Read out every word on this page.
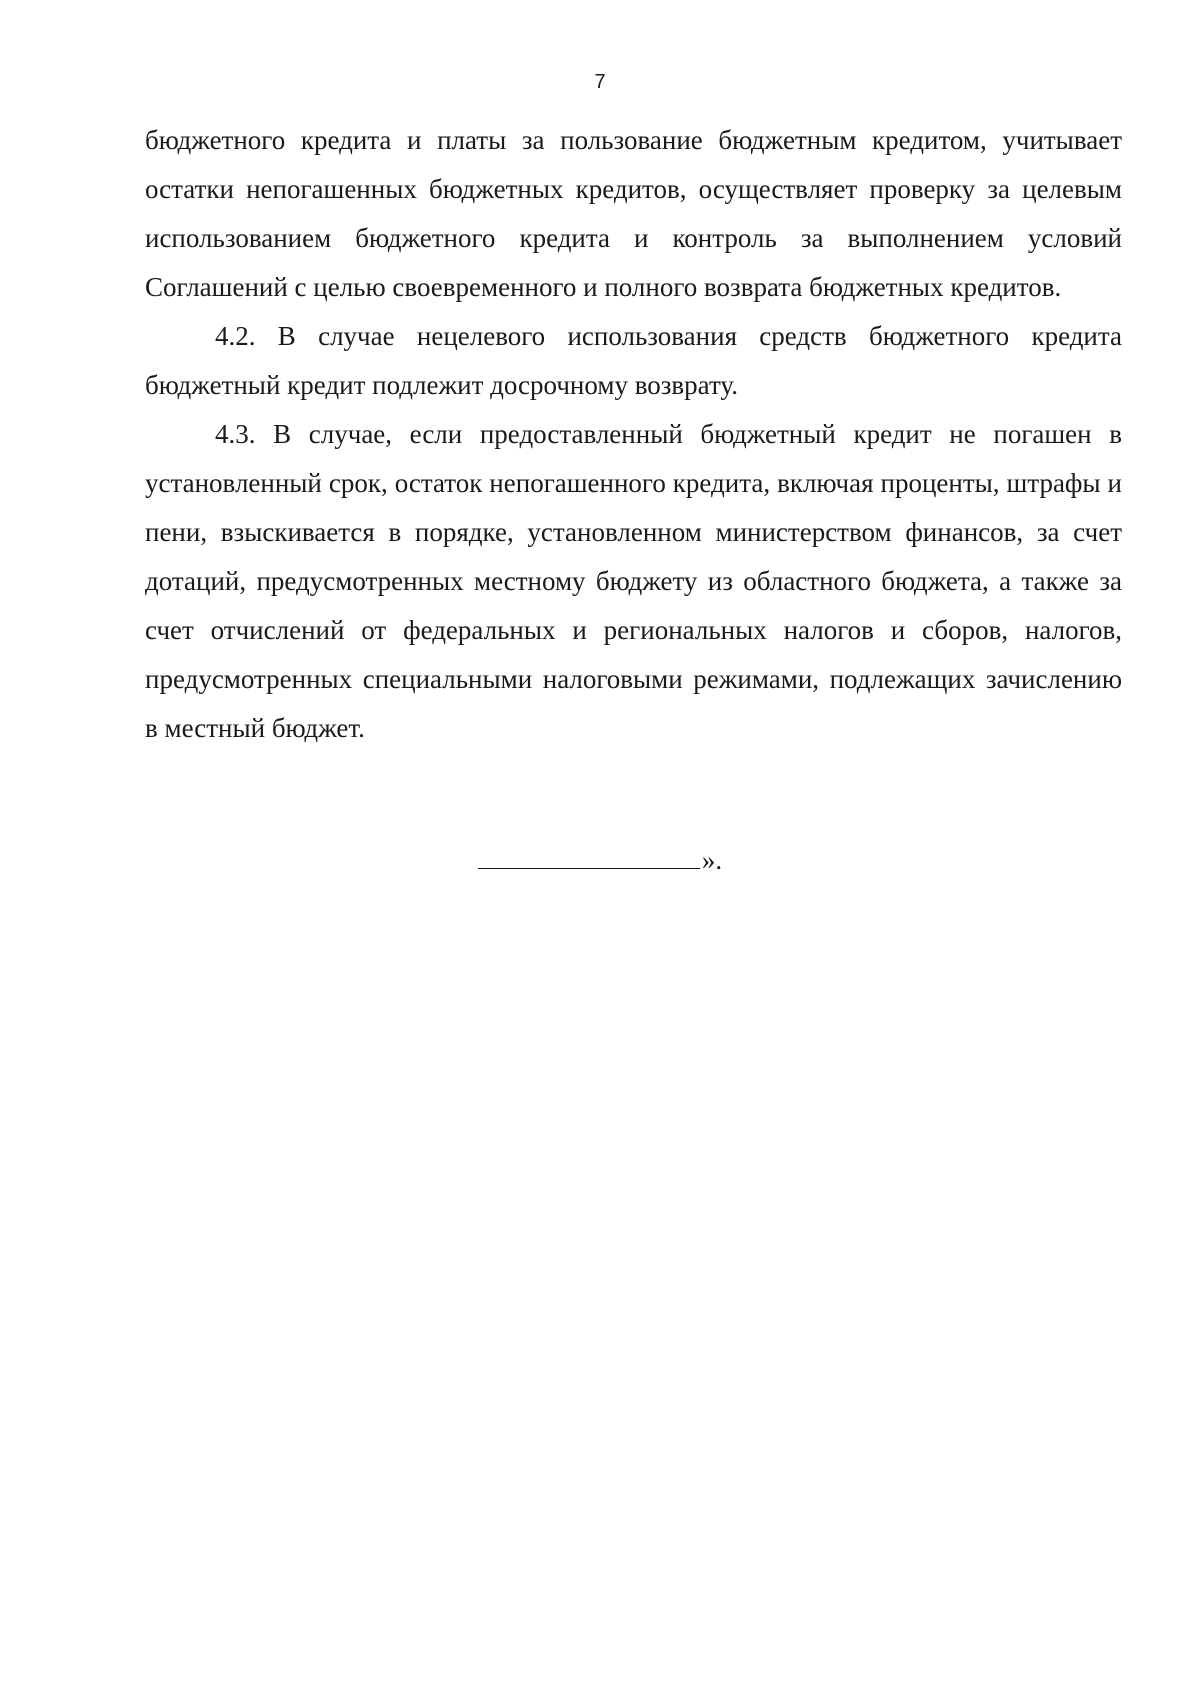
7

бюджетного кредита и платы за пользование бюджетным кредитом, учитывает остатки непогашенных бюджетных кредитов, осуществляет проверку за целевым использованием бюджетного кредита и контроль за выполнением условий Соглашений с целью своевременного и полного возврата бюджетных кредитов.

4.2. В случае нецелевого использования средств бюджетного кредита бюджетный кредит подлежит досрочному возврату.

4.3. В случае, если предоставленный бюджетный кредит не погашен в установленный срок, остаток непогашенного кредита, включая проценты, штрафы и пени, взыскивается в порядке, установленном министерством финансов, за счет дотаций, предусмотренных местному бюджету из областного бюджета, а также за счет отчислений от федеральных и региональных налогов и сборов, налогов, предусмотренных специальными налоговыми режимами, подлежащих зачислению в местный бюджет.

».
